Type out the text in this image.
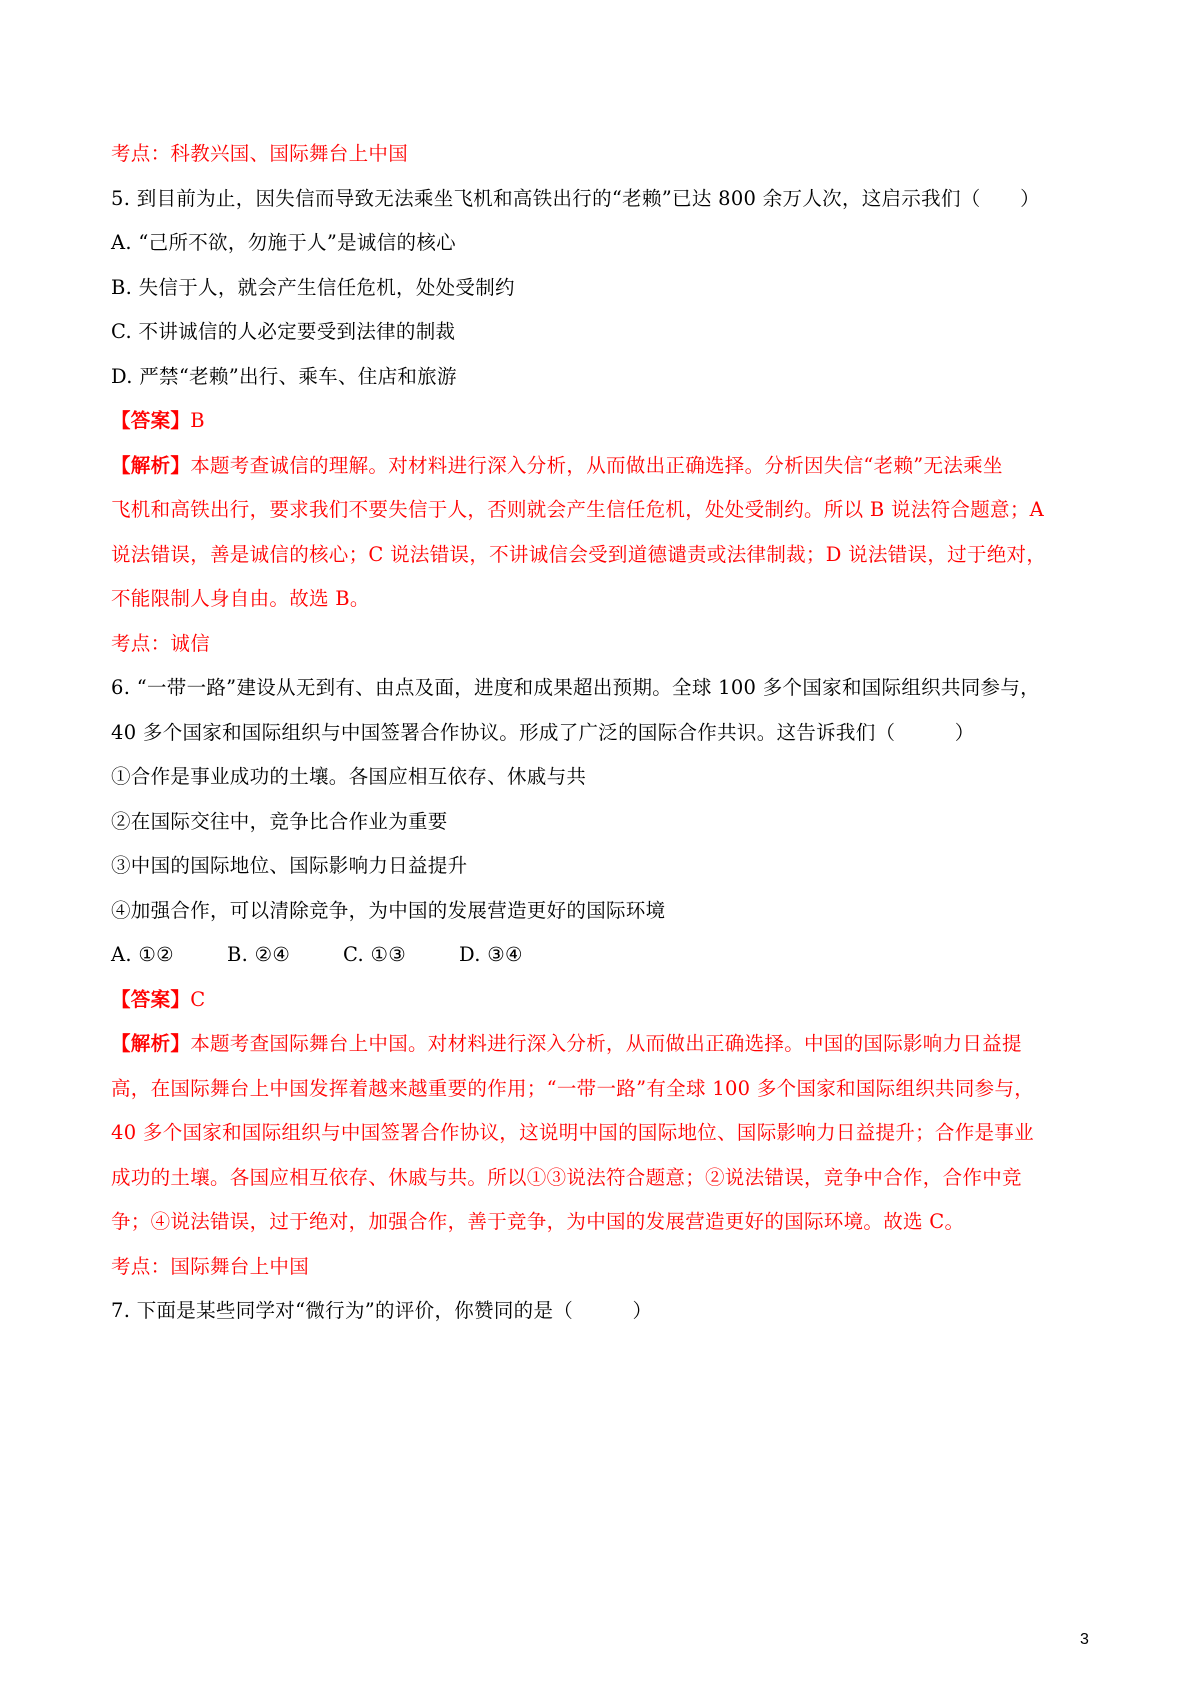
考点：科教兴国、国际舞台上中国

5. 到目前为止，因失信而导致无法乘坐飞机和高铁出行的“老赖”已达 800 余万人次，这启示我们（　　）

A. “己所不欲，勿施于人”是诚信的核心

B. 失信于人，就会产生信任危机，处处受制约

C. 不讲诚信的人必定要受到法律的制裁

D. 严禁“老赖”出行、乘车、住店和旅游

【答案】B

【解析】本题考查诚信的理解。对材料进行深入分析，从而做出正确选择。分析因失信“老赖”无法乘坐

飞机和高铁出行，要求我们不要失信于人，否则就会产生信任危机，处处受制约。所以 B 说法符合题意；A

说法错误，善是诚信的核心；C 说法错误，不讲诚信会受到道德谴责或法律制裁；D 说法错误，过于绝对，

不能限制人身自由。故选 B。

考点：诚信

6. “一带一路”建设从无到有、由点及面，进度和成果超出预期。全球 100 多个国家和国际组织共同参与，

40 多个国家和国际组织与中国签署合作协议。形成了广泛的国际合作共识。这告诉我们（　　　）

①合作是事业成功的土壤。各国应相互依存、休戚与共

②在国际交往中，竞争比合作业为重要

③中国的国际地位、国际影响力日益提升

④加强合作，可以清除竞争，为中国的发展营造更好的国际环境

A. ①②	B. ②④	C. ①③	D. ③④

【答案】C

【解析】本题考查国际舞台上中国。对材料进行深入分析，从而做出正确选择。中国的国际影响力日益提

高，在国际舞台上中国发挥着越来越重要的作用；“一带一路”有全球 100 多个国家和国际组织共同参与，

40 多个国家和国际组织与中国签署合作协议，这说明中国的国际地位、国际影响力日益提升；合作是事业

成功的土壤。各国应相互依存、休戚与共。所以①③说法符合题意；②说法错误，竞争中合作，合作中竞

争；④说法错误，过于绝对，加强合作，善于竞争，为中国的发展营造更好的国际环境。故选 C。

考点：国际舞台上中国

7. 下面是某些同学对“微行为”的评价，你赞同的是（　　　）

3
